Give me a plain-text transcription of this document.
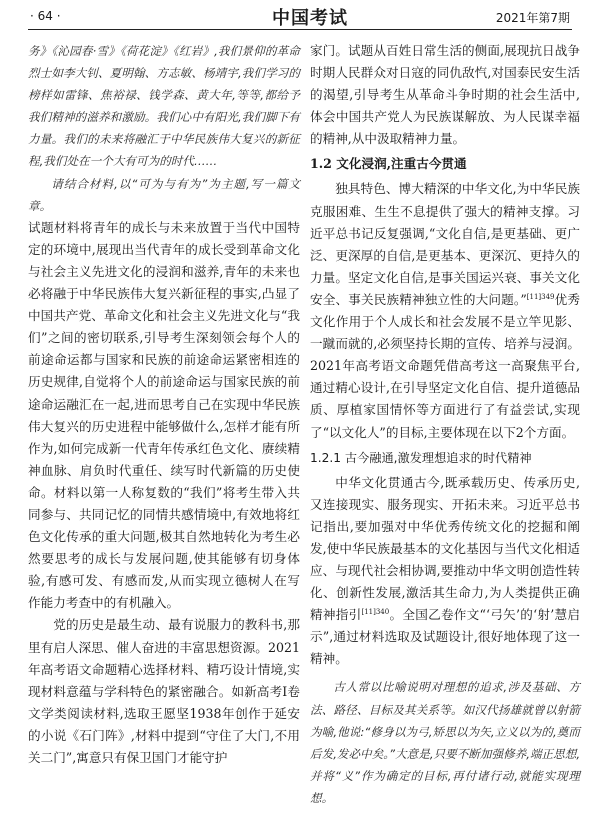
· 64 ·	中国考试	2021年第7期

务》《沁园春·雪》《荷花淀》《红岩》,我们景仰的革命烈士如李大钊、夏明翰、方志敏、杨靖宇,我们学习的榜样如雷锋、焦裕禄、钱学森、黄大年,等等,都给予我们精神的滋养和激励。我们心中有阳光,我们脚下有力量。我们的未来将融汇于中华民族伟大复兴的新征程,我们处在一个大有可为的时代……

请结合材料,以“可为与有为”为主题,写一篇文章。

试题材料将青年的成长与未来放置于当代中国特定的环境中,展现出当代青年的成长受到革命文化与社会主义先进文化的浸润和滋养,青年的未来也必将融于中华民族伟大复兴新征程的事实,凸显了中国共产党、革命文化和社会主义先进文化与“我们”之间的密切联系,引导考生深刻领会每个人的前途命运都与国家和民族的前途命运紧密相连的历史规律,自觉将个人的前途命运与国家民族的前途命运融汇在一起,进而思考自己在实现中华民族伟大复兴的历史进程中能够做什么,怎样才能有所作为,如何完成新一代青年传承红色文化、赓续精神血脉、肩负时代重任、续写时代新篇的历史使命。材料以第一人称复数的“我们”将考生带入共同参与、共同记忆的同情共感情境中,有效地将红色文化传承的重大问题,极其自然地转化为考生必然要思考的成长与发展问题,使其能够有切身体验,有感可发、有感而发,从而实现立德树人在写作能力考查中的有机融入。

党的历史是最生动、最有说服力的教科书,那里有启人深思、催人奋进的丰富思想资源。2021年高考语文命题精心选择材料、精巧设计情境,实现材料意蕴与学科特色的紧密融合。如新高考Ⅰ卷文学类阅读材料,选取王愿坚1938年创作于延安的小说《石门阵》,材料中提到“守住了大门,不用关二门”,寓意只有保卫国门才能守护

家门。试题从百姓日常生活的侧面,展现抗日战争时期人民群众对日寇的同仇敌忾,对国泰民安生活的渴望,引导考生从革命斗争时期的社会生活中,体会中国共产党人为民族谋解放、为人民谋幸福的精神,从中汲取精神力量。

1.2 文化浸润,注重古今贯通

独具特色、博大精深的中华文化,为中华民族克服困难、生生不息提供了强大的精神支撑。习近平总书记反复强调,“文化自信,是更基础、更广泛、更深厚的自信,是更基本、更深沉、更持久的力量。坚定文化自信,是事关国运兴衰、事关文化安全、事关民族精神独立性的大问题。”$^{[11]349}$优秀文化作用于个人成长和社会发展不是立竿见影、一蹴而就的,必须坚持长期的宣传、培养与浸润。2021年高考语文命题凭借高考这一高聚焦平台,通过精心设计,在引导坚定文化自信、提升道德品质、厚植家国情怀等方面进行了有益尝试,实现了“以文化人”的目标,主要体现在以下2个方面。

1.2.1 古今融通,激发理想追求的时代精神

中华文化贯通古今,既承载历史、传承历史,又连接现实、服务现实、开拓未来。习近平总书记指出,要加强对中华优秀传统文化的挖掘和阐发,使中华民族最基本的文化基因与当代文化相适应、与现代社会相协调,要推动中华文明创造性转化、创新性发展,激活其生命力,为人类提供正确精神指引$^{[11]340}$。全国乙卷作文“‘弓矢’的‘射’慧启示”,通过材料选取及试题设计,很好地体现了这一精神。

古人常以比喻说明对理想的追求,涉及基础、方法、路径、目标及其关系等。如汉代扬雄就曾以射箭为喻,他说:“修身以为弓,矫思以为矢,立义以为的,奠而后发,发必中矣。”大意是,只要不断加强修养,端正思想,并将“义”作为确定的目标,再付诸行动,就能实现理想。
